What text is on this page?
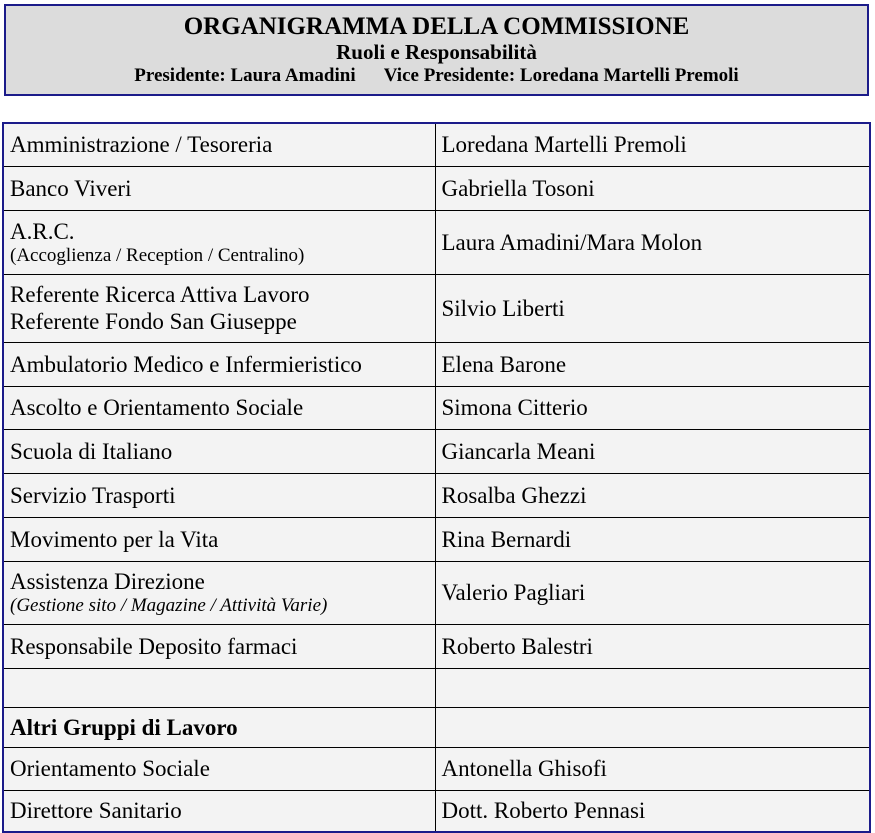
ORGANIGRAMMA DELLA COMMISSIONE
Ruoli e Responsabilità
Presidente: Laura Amadini Vice Presidente: Loredana Martelli Premoli
Amministrazione / Tesoreria	Loredana Martelli Premoli
Banco Viveri	Gabriella Tosoni

A.R.C.
(Accoglienza / Reception / Centralino)	Laura Amadini/Mara Molon

Referente Ricerca Attiva Lavoro
Referente Fondo San Giuseppe	Silvio Liberti
Ambulatorio Medico e Infermieristico	Elena Barone
Ascolto e Orientamento Sociale	Simona Citterio
Scuola di Italiano	Giancarla Meani
Servizio Trasporti	Rosalba Ghezzi
Movimento per la Vita	Rina Bernardi

Assistenza Direzione
(Gestione sito / Magazine / Attività Varie)	Valerio Pagliari
Responsabile Deposito farmaci	Roberto Balestri

Altri Gruppi di Lavoro	
Orientamento Sociale	Antonella Ghisofi
Direttore Sanitario	Dott. Roberto Pennasi
